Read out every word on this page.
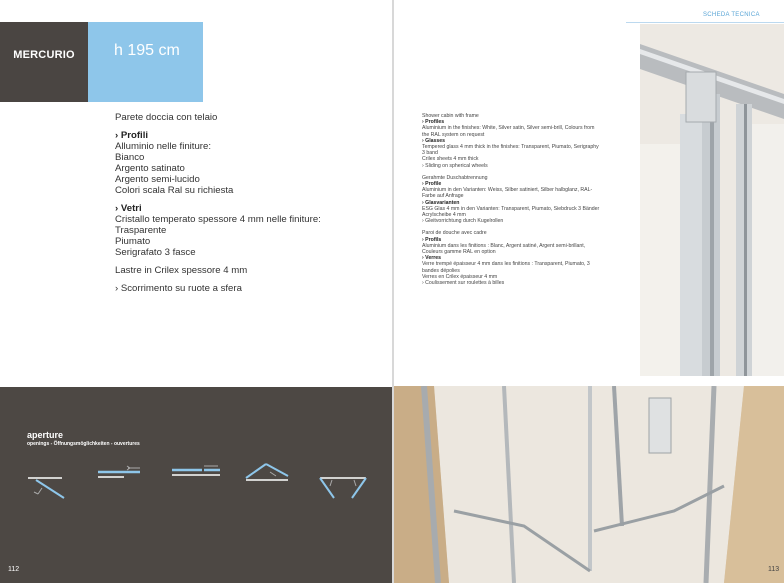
MERCURIO	h 195 cm

Parete doccia con telaio

› Profili

Alluminio nelle finiture:

Bianco

Argento satinato

Argento semi-lucido

Colori scala Ral su richiesta

› Vetri

Cristallo temperato spessore 4 mm nelle finiture:

Trasparente

Piumato

Serigrafato 3 fasce

Lastre in Crilex spessore 4 mm

› Scorrimento su ruote a sfera

aperture
openings - Öffnungsmöglichkeiten - ouvertures
112
SCHEDA TECNICA

Shower cabin with frame

› Profiles

Aluminium in the finishes: White, Silver satin, Silver semi-brill, Colours from the RAL system on request

› Glasses

Tempered glass 4 mm thick in the finishes: Transparent, Piumato, Serigraphy 3 band

Crilex sheets 4 mm thick

› Sliding on spherical wheels

Gerahmte Duschabtrennung

› Profile

Aluminium in den Varianten: Weiss, Silber satiniert, Silber halbglanz, RAL-Farbe auf Anfrage

› Glasvarianten

ESG Glas 4 mm in den Varianten: Transparent, Piumato, Siebdruck 3 Bänder

Acrylscheibe 4 mm

› Gleitvorrichtung durch Kugelrollen

Paroi de douche avec cadre

› Profils

Aluminium dans les finitions : Blanc, Argent satiné, Argent semi-brillant, Couleurs gamme RAL en option

› Verres

Verre trempé épaisseur 4 mm dans les finitions : Transparent, Piumato, 3 bandes dépolies

Verres en Crilex épaisseur 4 mm

› Coulissement sur roulettes à billes

113
